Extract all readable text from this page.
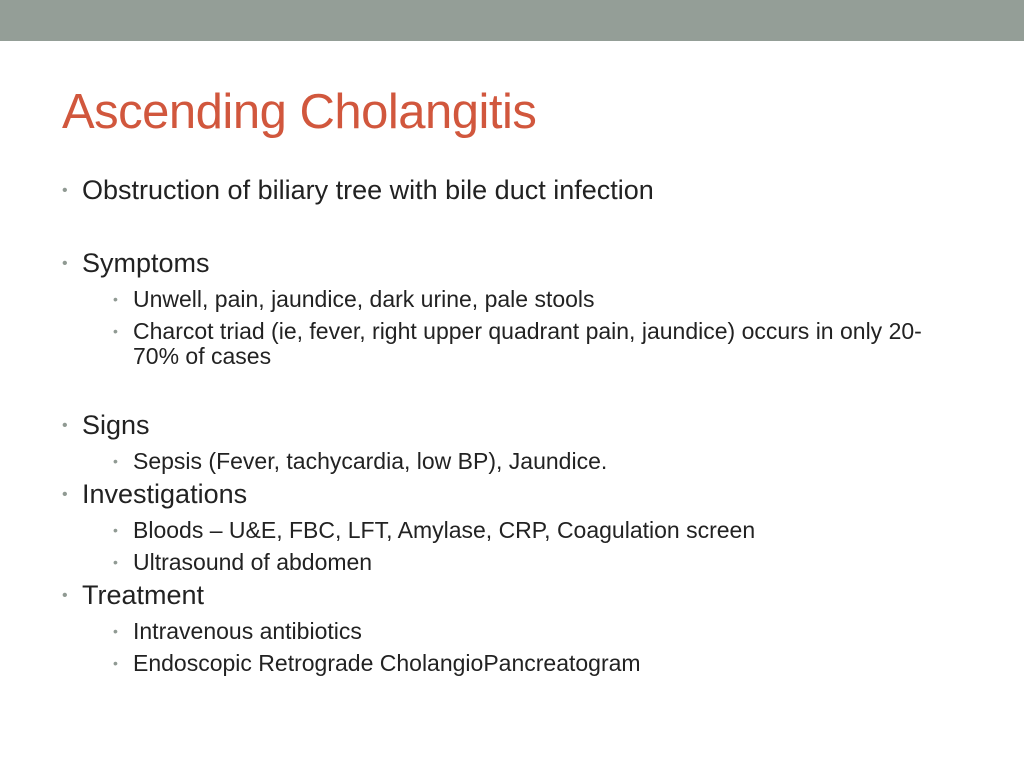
Ascending Cholangitis
• Obstruction of biliary tree with bile duct infection
• Symptoms
• Unwell, pain, jaundice, dark urine, pale stools
• Charcot triad (ie, fever, right upper quadrant pain, jaundice) occurs in only 20-70% of cases
• Signs
• Sepsis (Fever, tachycardia, low BP), Jaundice.
• Investigations
• Bloods – U&E, FBC, LFT, Amylase, CRP, Coagulation screen
• Ultrasound of abdomen
• Treatment
• Intravenous antibiotics
• Endoscopic Retrograde CholangioPancreatogram
